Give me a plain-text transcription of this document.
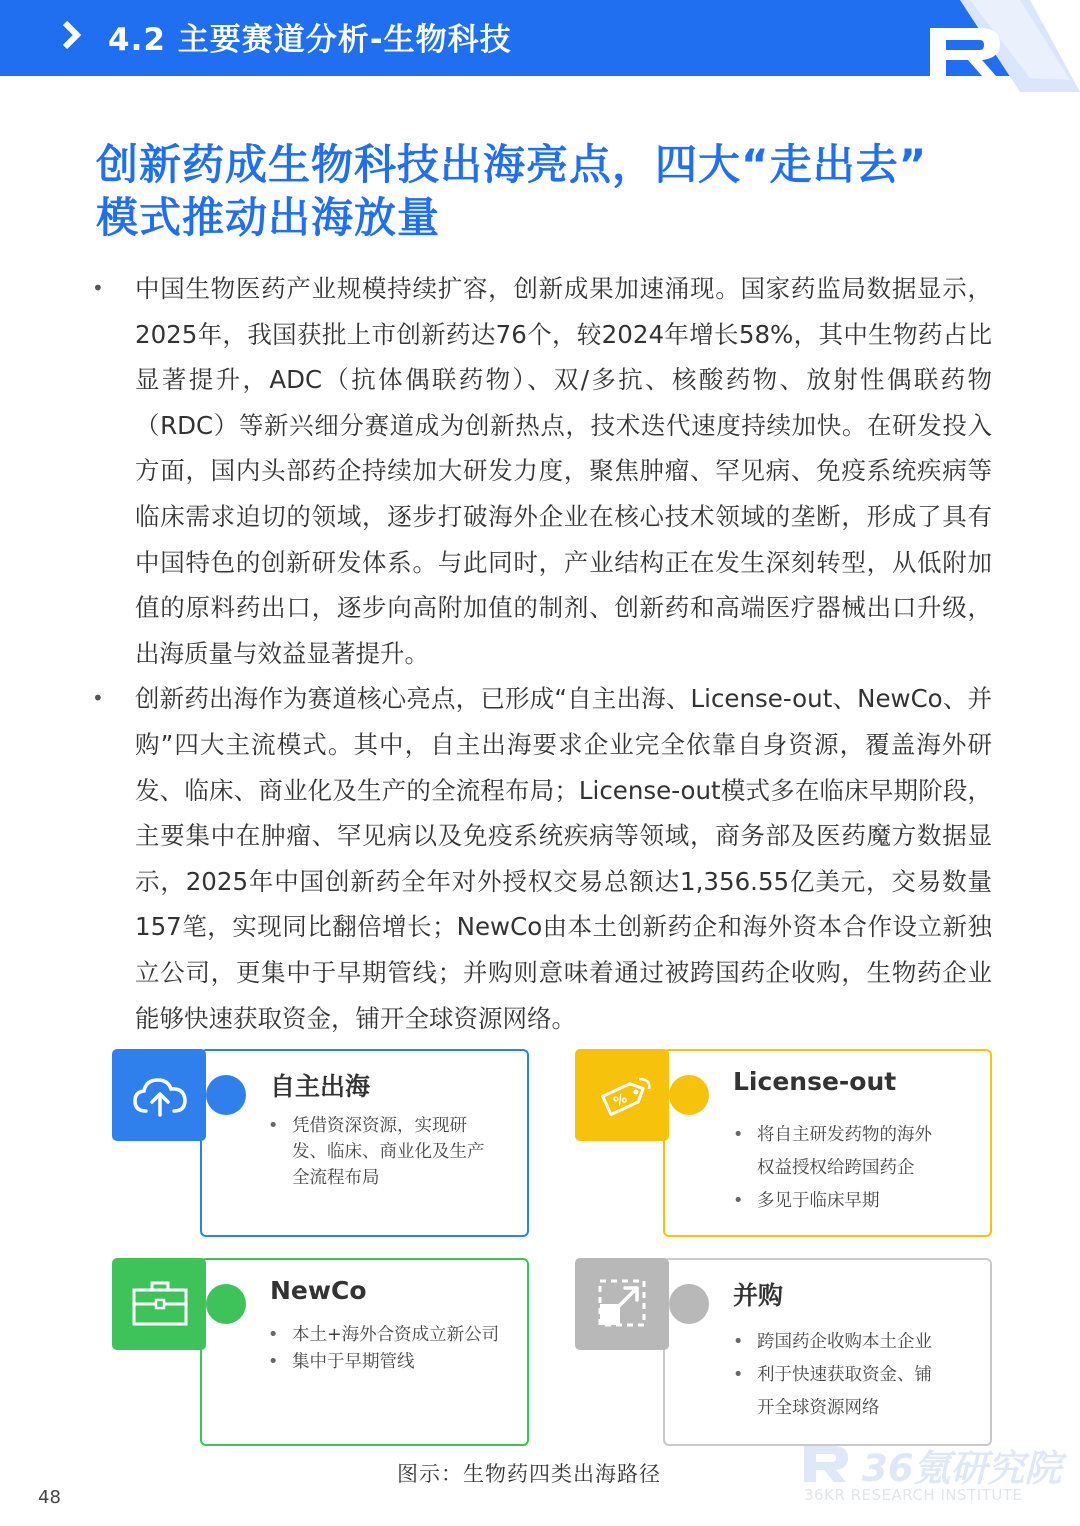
4.2 主要赛道分析-生物科技
创新药成生物科技出海亮点，四大“走出去”
模式推动出海放量
• 中国生物医药产业规模持续扩容，创新成果加速涌现。国家药监局数据显示，2025年，我国获批上市创新药达76个，较2024年增长58%，其中生物药占比显著提升，ADC（抗体偶联药物）、双/多抗、核酸药物、放射性偶联药物（RDC）等新兴细分赛道成为创新热点，技术迭代速度持续加快。在研发投入方面，国内头部药企持续加大研发力度，聚焦肿瘤、罕见病、免疫系统疾病等临床需求迫切的领域，逐步打破海外企业在核心技术领域的垄断，形成了具有中国特色的创新研发体系。与此同时，产业结构正在发生深刻转型，从低附加值的原料药出口，逐步向高附加值的制剂、创新药和高端医疗器械出口升级，出海质量与效益显著提升。
• 创新药出海作为赛道核心亮点，已形成“自主出海、License-out、NewCo、并购”四大主流模式。其中，自主出海要求企业完全依靠自身资源，覆盖海外研发、临床、商业化及生产的全流程布局；License-out模式多在临床早期阶段，主要集中在肿瘤、罕见病以及免疫系统疾病等领域，商务部及医药魔方数据显示，2025年中国创新药全年对外授权交易总额达1,356.55亿美元，交易数量157笔，实现同比翻倍增长；NewCo由本土创新药企和海外资本合作设立新独立公司，更集中于早期管线；并购则意味着通过被跨国药企收购，生物药企业能够快速获取资金，铺开全球资源网络。
自主出海
• 凭借资深资源，实现研发、临床、商业化及生产全流程布局
%
License-out
• 将自主研发药物的海外权益授权给跨国药企
• 多见于临床早期
NewCo
• 本土+海外合资成立新公司
• 集中于早期管线
并购
• 跨国药企收购本土企业
• 利于快速获取资金、铺开全球资源网络
图示：生物药四类出海路径	36氪研究院
36KR RESEARCH INSTITUTE
48
